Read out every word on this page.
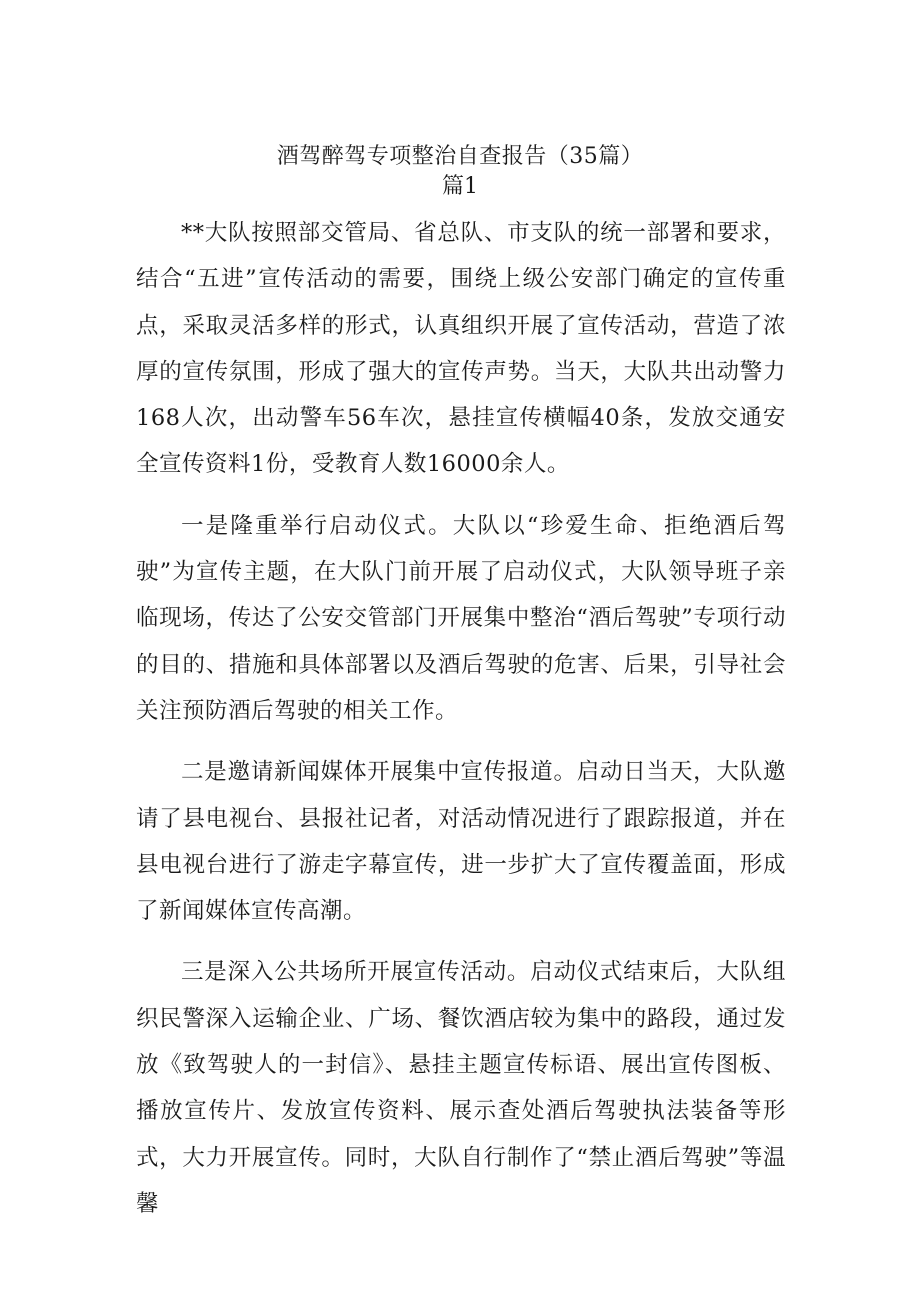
酒驾醉驾专项整治自查报告（35篇）
篇1

**大队按照部交管局、省总队、市支队的统一部署和要求，结合“五进”宣传活动的需要，围绕上级公安部门确定的宣传重点，采取灵活多样的形式，认真组织开展了宣传活动，营造了浓厚的宣传氛围，形成了强大的宣传声势。当天，大队共出动警力168人次，出动警车56车次，悬挂宣传横幅40条，发放交通安全宣传资料1份，受教育人数16000余人。

一是隆重举行启动仪式。大队以“珍爱生命、拒绝酒后驾驶”为宣传主题，在大队门前开展了启动仪式，大队领导班子亲临现场，传达了公安交管部门开展集中整治“酒后驾驶”专项行动的目的、措施和具体部署以及酒后驾驶的危害、后果，引导社会关注预防酒后驾驶的相关工作。

二是邀请新闻媒体开展集中宣传报道。启动日当天，大队邀请了县电视台、县报社记者，对活动情况进行了跟踪报道，并在县电视台进行了游走字幕宣传，进一步扩大了宣传覆盖面，形成了新闻媒体宣传高潮。

三是深入公共场所开展宣传活动。启动仪式结束后，大队组织民警深入运输企业、广场、餐饮酒店较为集中的路段，通过发放《致驾驶人的一封信》、悬挂主题宣传标语、展出宣传图板、播放宣传片、发放宣传资料、展示查处酒后驾驶执法装备等形式，大力开展宣传。同时，大队自行制作了“禁止酒后驾驶”等温馨
